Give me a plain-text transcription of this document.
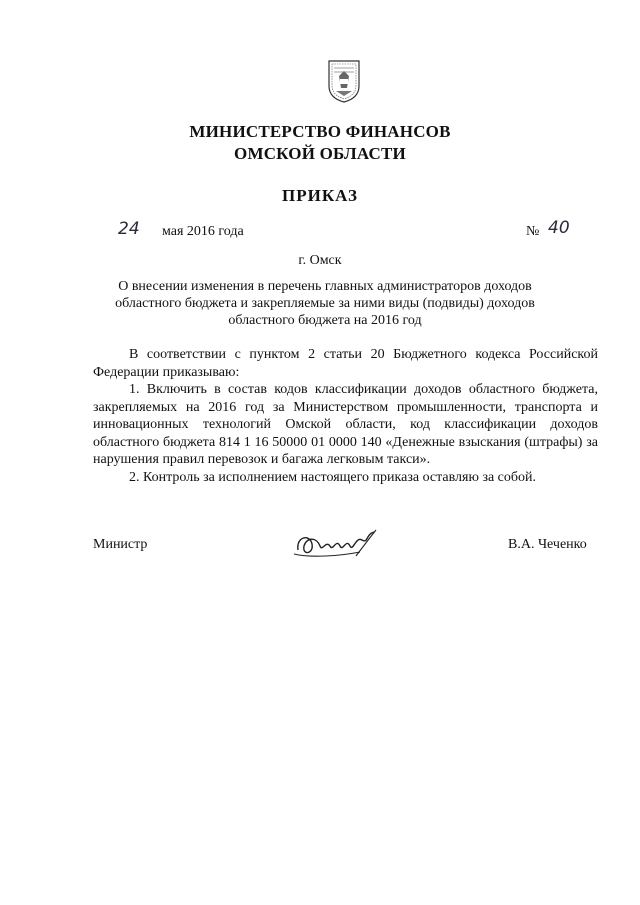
МИНИСТЕРСТВО ФИНАНСОВ
ОМСКОЙ ОБЛАСТИ
ПРИКАЗ
24 мая 2016 года	№ 40
г. Омск
О внесении изменения в перечень главных администраторов доходов областного бюджета и закрепляемые за ними виды (подвиды) доходов областного бюджета на 2016 год

В соответствии с пунктом 2 статьи 20 Бюджетного кодекса Российской Федерации приказываю:

1. Включить в состав кодов классификации доходов областного бюджета, закрепляемых на 2016 год за Министерством промышленности, транспорта и инновационных технологий Омской области, код классификации доходов областного бюджета 814 1 16 50000 01 0000 140 «Денежные взыскания (штрафы) за нарушения правил перевозок и багажа легковым такси».

2. Контроль за исполнением настоящего приказа оставляю за собой.

Министр	В.А. Чеченко
